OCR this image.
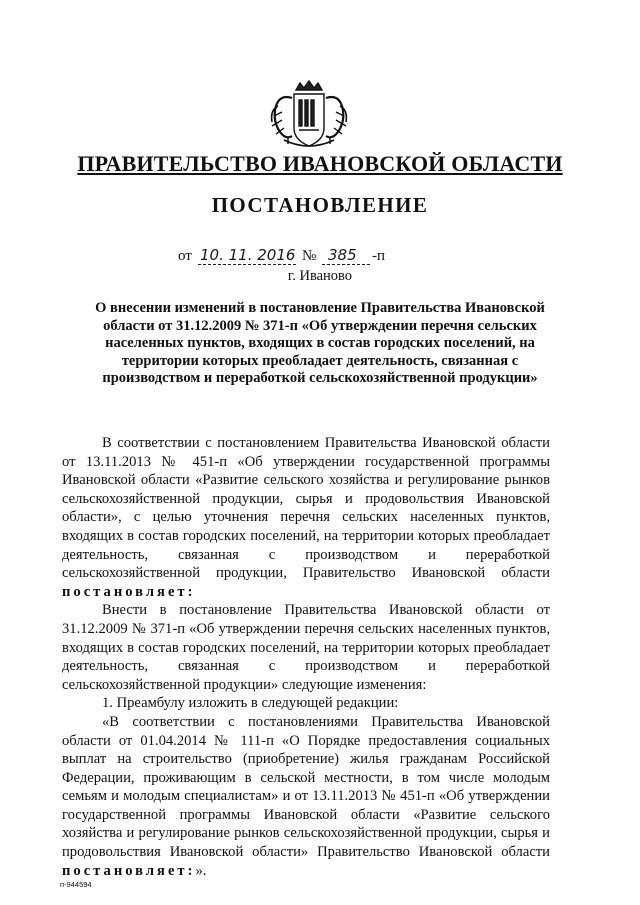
ПРАВИТЕЛЬСТВО ИВАНОВСКОЙ ОБЛАСТИ
ПОСТАНОВЛЕНИЕ
от 10. 11. 2016 № 385 -п
г. Иваново
О внесении изменений в постановление Правительства Ивановской области от 31.12.2009 № 371-п «Об утверждении перечня сельских населенных пунктов, входящих в состав городских поселений, на территории которых преобладает деятельность, связанная с производством и переработкой сельскохозяйственной продукции»

В соответствии с постановлением Правительства Ивановской области от 13.11.2013 № 451-п «Об утверждении государственной программы Ивановской области «Развитие сельского хозяйства и регулирование рынков сельскохозяйственной продукции, сырья и продовольствия Ивановской области», с целью уточнения перечня сельских населенных пунктов, входящих в состав городских поселений, на территории которых преобладает деятельность, связанная с производством и переработкой сельскохозяйственной продукции, Правительство Ивановской области постановляет:

Внести в постановление Правительства Ивановской области от 31.12.2009 № 371-п «Об утверждении перечня сельских населенных пунктов, входящих в состав городских поселений, на территории которых преобладает деятельность, связанная с производством и переработкой сельскохозяйственной продукции» следующие изменения:

1. Преамбулу изложить в следующей редакции:

«В соответствии с постановлениями Правительства Ивановской области от 01.04.2014 № 111-п «О Порядке предоставления социальных выплат на строительство (приобретение) жилья гражданам Российской Федерации, проживающим в сельской местности, в том числе молодым семьям и молодым специалистам» и от 13.11.2013 № 451-п «Об утверждении государственной программы Ивановской области «Развитие сельского хозяйства и регулирование рынков сельскохозяйственной продукции, сырья и продовольствия Ивановской области» Правительство Ивановской области постановляет:».

п-944594
